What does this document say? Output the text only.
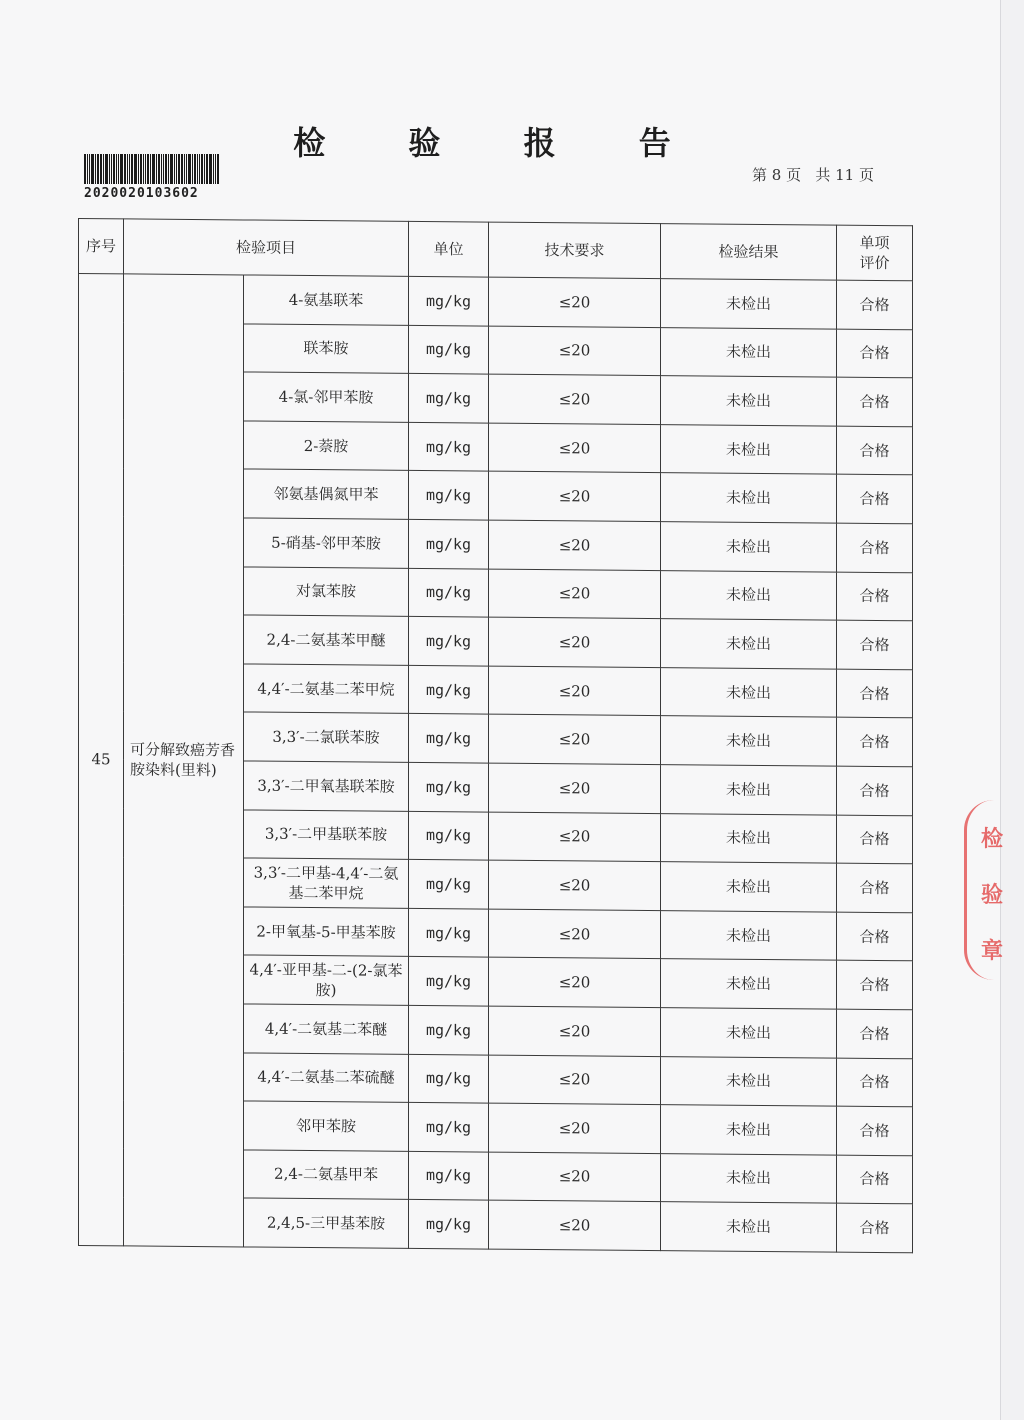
检 验 报 告
2020020103602
第 8 页   共 11 页
序号	检验项目		单位	技术要求	检验结果	单项
评价
45	可分解致癌芳香胺染料(里料)	4-氨基联苯	mg/kg	≤20	未检出	合格
		联苯胺	mg/kg	≤20	未检出	合格
		4-氯-邻甲苯胺	mg/kg	≤20	未检出	合格
		2-萘胺	mg/kg	≤20	未检出	合格
		邻氨基偶氮甲苯	mg/kg	≤20	未检出	合格
		5-硝基-邻甲苯胺	mg/kg	≤20	未检出	合格
		对氯苯胺	mg/kg	≤20	未检出	合格
		2,4-二氨基苯甲醚	mg/kg	≤20	未检出	合格
		4,4′-二氨基二苯甲烷	mg/kg	≤20	未检出	合格
		3,3′-二氯联苯胺	mg/kg	≤20	未检出	合格
		3,3′-二甲氧基联苯胺	mg/kg	≤20	未检出	合格
		3,3′-二甲基联苯胺	mg/kg	≤20	未检出	合格
		3,3′-二甲基-4,4′-二氨基二苯甲烷	mg/kg	≤20	未检出	合格
		2-甲氧基-5-甲基苯胺	mg/kg	≤20	未检出	合格
		4,4′-亚甲基-二-(2-氯苯胺)	mg/kg	≤20	未检出	合格
		4,4′-二氨基二苯醚	mg/kg	≤20	未检出	合格
		4,4′-二氨基二苯硫醚	mg/kg	≤20	未检出	合格
		邻甲苯胺	mg/kg	≤20	未检出	合格
		2,4-二氨基甲苯	mg/kg	≤20	未检出	合格
		2,4,5-三甲基苯胺	mg/kg	≤20	未检出	合格
检
验
章
